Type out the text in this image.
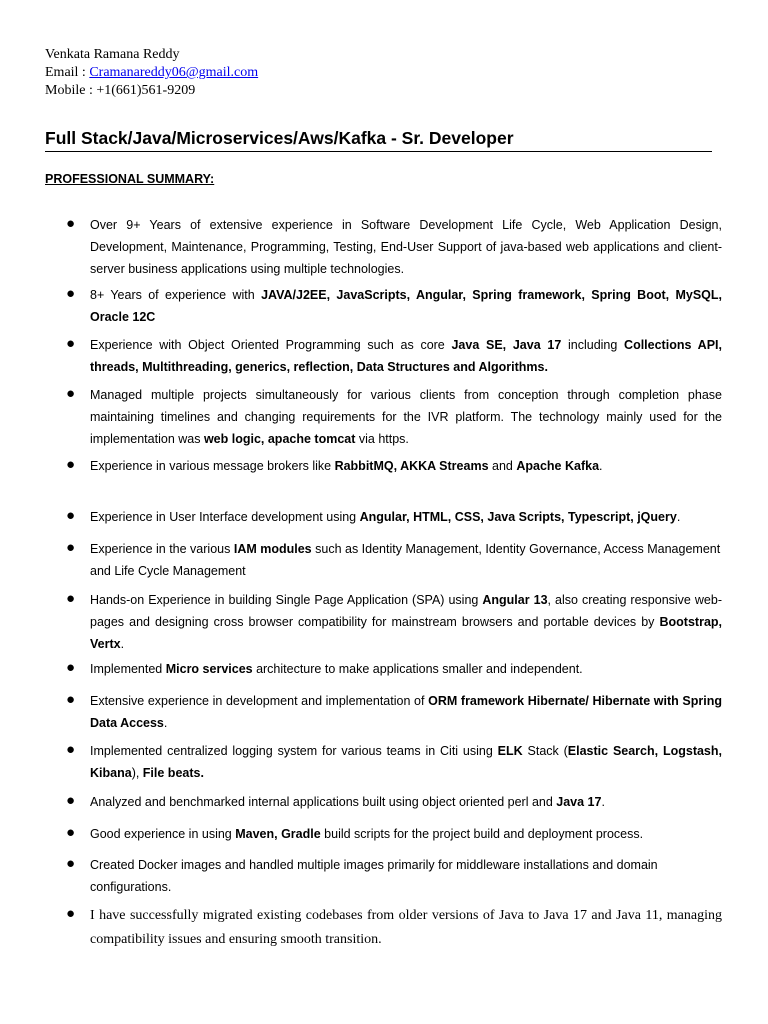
Venkata Ramana Reddy
Email : Cramanareddy06@gmail.com
Mobile : +1(661)561-9209
Full Stack/Java/Microservices/Aws/Kafka - Sr. Developer
PROFESSIONAL SUMMARY:
● Over 9+ Years of extensive experience in Software Development Life Cycle, Web Application Design, Development, Maintenance, Programming, Testing, End-User Support of java-based web applications and client-server business applications using multiple technologies.
● 8+ Years of experience with JAVA/J2EE, JavaScripts, Angular, Spring framework, Spring Boot, MySQL, Oracle 12C
● Experience with Object Oriented Programming such as core Java SE, Java 17 including Collections API, threads, Multithreading, generics, reflection, Data Structures and Algorithms.
● Managed multiple projects simultaneously for various clients from conception through completion phase maintaining timelines and changing requirements for the IVR platform. The technology mainly used for the implementation was web logic, apache tomcat via https.
● Experience in various message brokers like RabbitMQ, AKKA Streams and Apache Kafka.
● Experience in User Interface development using Angular, HTML, CSS, Java Scripts, Typescript, jQuery.
● Experience in the various IAM modules such as Identity Management, Identity Governance, Access Management and Life Cycle Management
● Hands-on Experience in building Single Page Application (SPA) using Angular 13, also creating responsive web-pages and designing cross browser compatibility for mainstream browsers and portable devices by Bootstrap, Vertx.
● Implemented Micro services architecture to make applications smaller and independent.
● Extensive experience in development and implementation of ORM framework Hibernate/ Hibernate with Spring Data Access.
● Implemented centralized logging system for various teams in Citi using ELK Stack (Elastic Search, Logstash, Kibana), File beats.
● Analyzed and benchmarked internal applications built using object oriented perl and Java 17.
● Good experience in using Maven, Gradle build scripts for the project build and deployment process.
● Created Docker images and handled multiple images primarily for middleware installations and domain configurations.
● I have successfully migrated existing codebases from older versions of Java to Java 17 and Java 11, managing compatibility issues and ensuring smooth transition.
